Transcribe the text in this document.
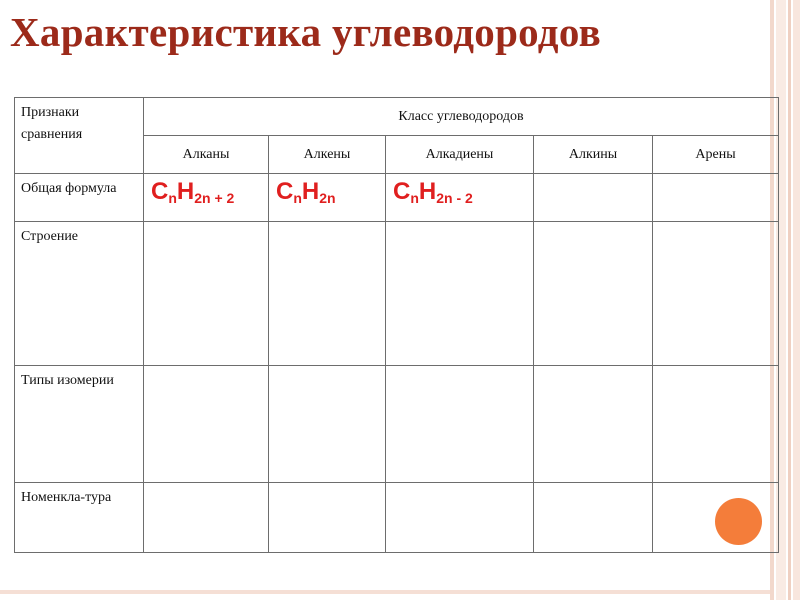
Характеристика углеводородов
Признаки сравнения	Класс углеводородов				
	Алканы	Алкены	Алкадиены	Алкины	Арены
Общая формула	$C_nH_{2n + 2}$	$C_nH_{2n}$	$C_nH_{2n - 2}$		
Строение					
Типы изомерии					
Номенкла-тура					
